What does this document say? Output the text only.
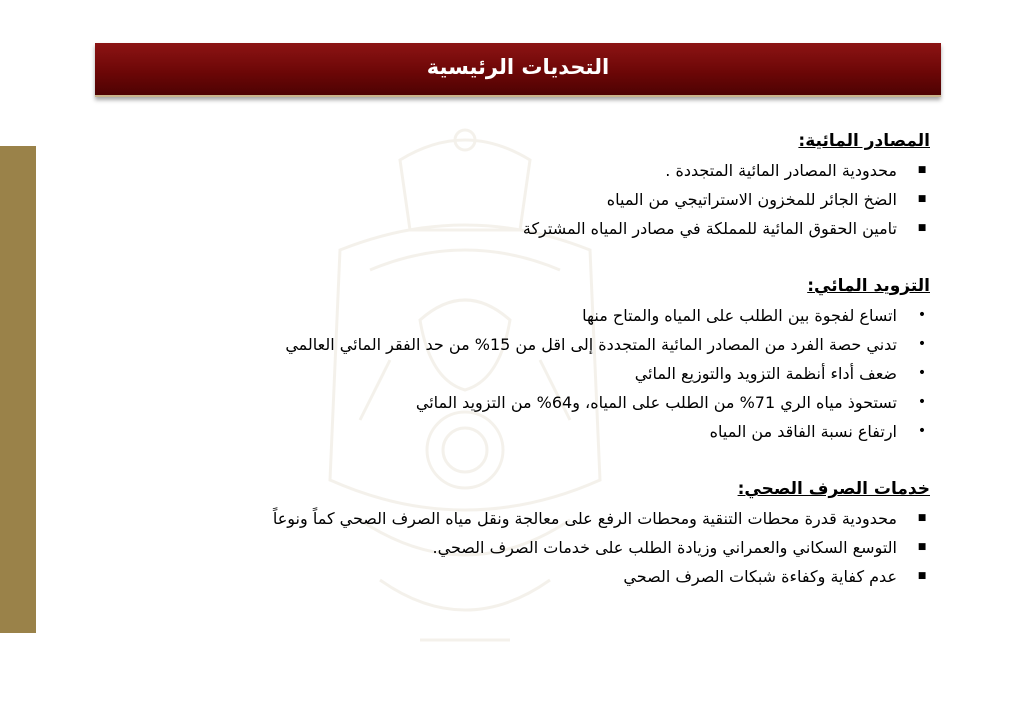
التحديات الرئيسية
المصادر المائية:
■
محدودية المصادر المائية المتجددة .
■
الضخ الجائر للمخزون الاستراتيجي من المياه
■
تامين الحقوق المائية للمملكة في مصادر المياه المشتركة
التزويد المائي:
•
اتساع لفجوة بين الطلب على المياه والمتاح منها
•
تدني حصة الفرد من المصادر المائية المتجددة إلى اقل من 15% من حد الفقر المائي العالمي
•
ضعف أداء أنظمة التزويد والتوزيع المائي
•
تستحوذ مياه الري 71% من الطلب على المياه، و64% من التزويد المائي
•
ارتفاع نسبة الفاقد من المياه
خدمات الصرف الصحي:
■
محدودية قدرة محطات التنقية ومحطات الرفع على معالجة ونقل مياه الصرف الصحي كماً ونوعاً
■
التوسع السكاني والعمراني وزيادة الطلب على خدمات الصرف الصحي.
■
عدم كفاية وكفاءة شبكات الصرف الصحي
